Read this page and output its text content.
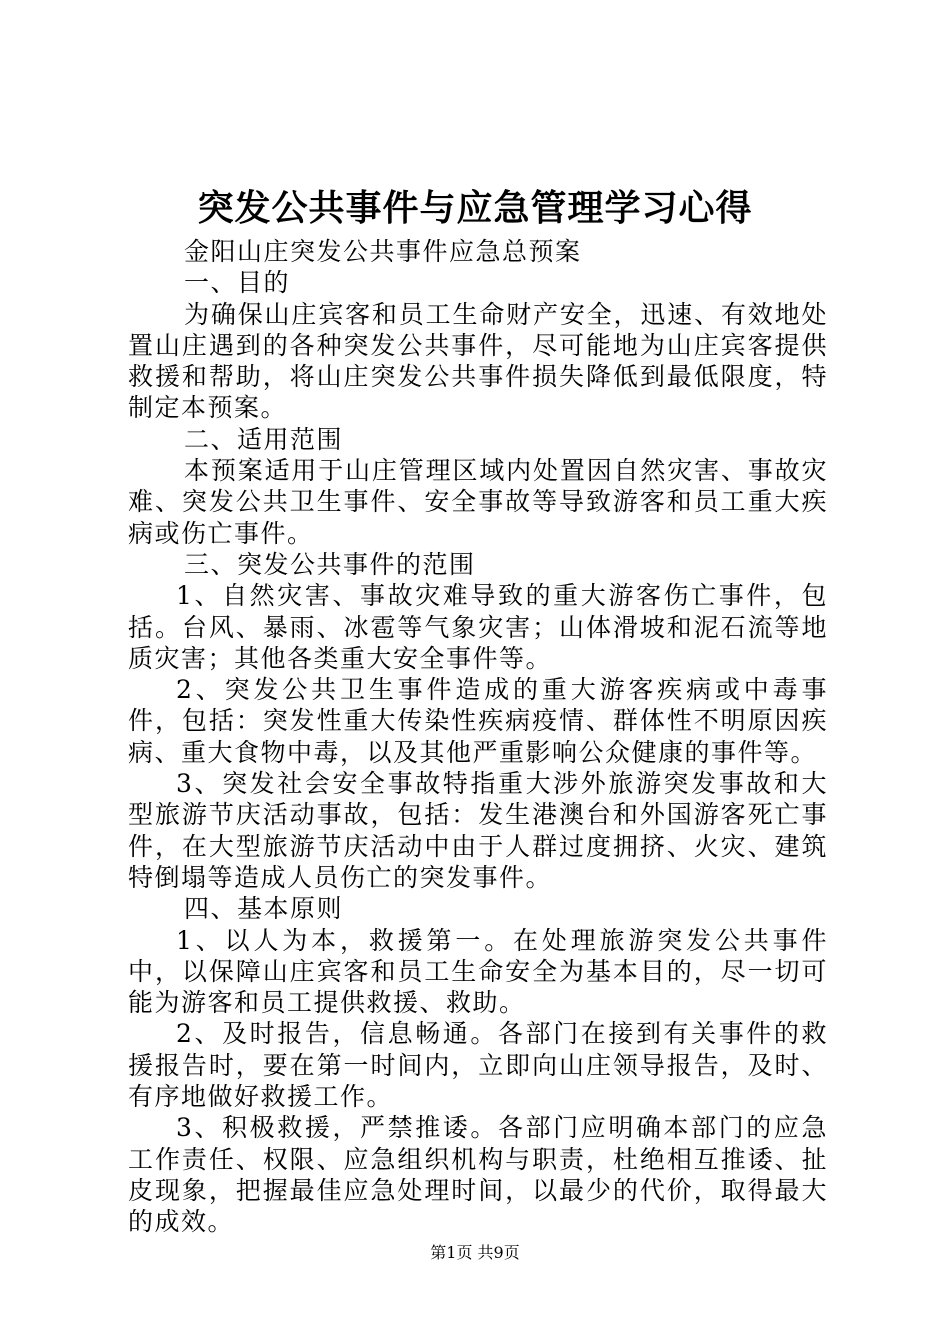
突发公共事件与应急管理学习心得

金阳山庄突发公共事件应急总预案

一、目的

为确保山庄宾客和员工生命财产安全，迅速、有效地处置山庄遇到的各种突发公共事件，尽可能地为山庄宾客提供救援和帮助，将山庄突发公共事件损失降低到最低限度，特制定本预案。

二、适用范围

本预案适用于山庄管理区域内处置因自然灾害、事故灾难、突发公共卫生事件、安全事故等导致游客和员工重大疾病或伤亡事件。

三、突发公共事件的范围

1、自然灾害、事故灾难导致的重大游客伤亡事件，包括。台风、暴雨、冰雹等气象灾害；山体滑坡和泥石流等地质灾害；其他各类重大安全事件等。

2、突发公共卫生事件造成的重大游客疾病或中毒事件，包括：突发性重大传染性疾病疫情、群体性不明原因疾病、重大食物中毒，以及其他严重影响公众健康的事件等。

3、突发社会安全事故特指重大涉外旅游突发事故和大型旅游节庆活动事故，包括：发生港澳台和外国游客死亡事件，在大型旅游节庆活动中由于人群过度拥挤、火灾、建筑特倒塌等造成人员伤亡的突发事件。

四、基本原则

1、以人为本，救援第一。在处理旅游突发公共事件中，以保障山庄宾客和员工生命安全为基本目的，尽一切可能为游客和员工提供救援、救助。

2、及时报告，信息畅通。各部门在接到有关事件的救援报告时，要在第一时间内，立即向山庄领导报告，及时、有序地做好救援工作。

3、积极救援，严禁推诿。各部门应明确本部门的应急工作责任、权限、应急组织机构与职责，杜绝相互推诿、扯皮现象，把握最佳应急处理时间，以最少的代价，取得最大的成效。

第1页 共9页
